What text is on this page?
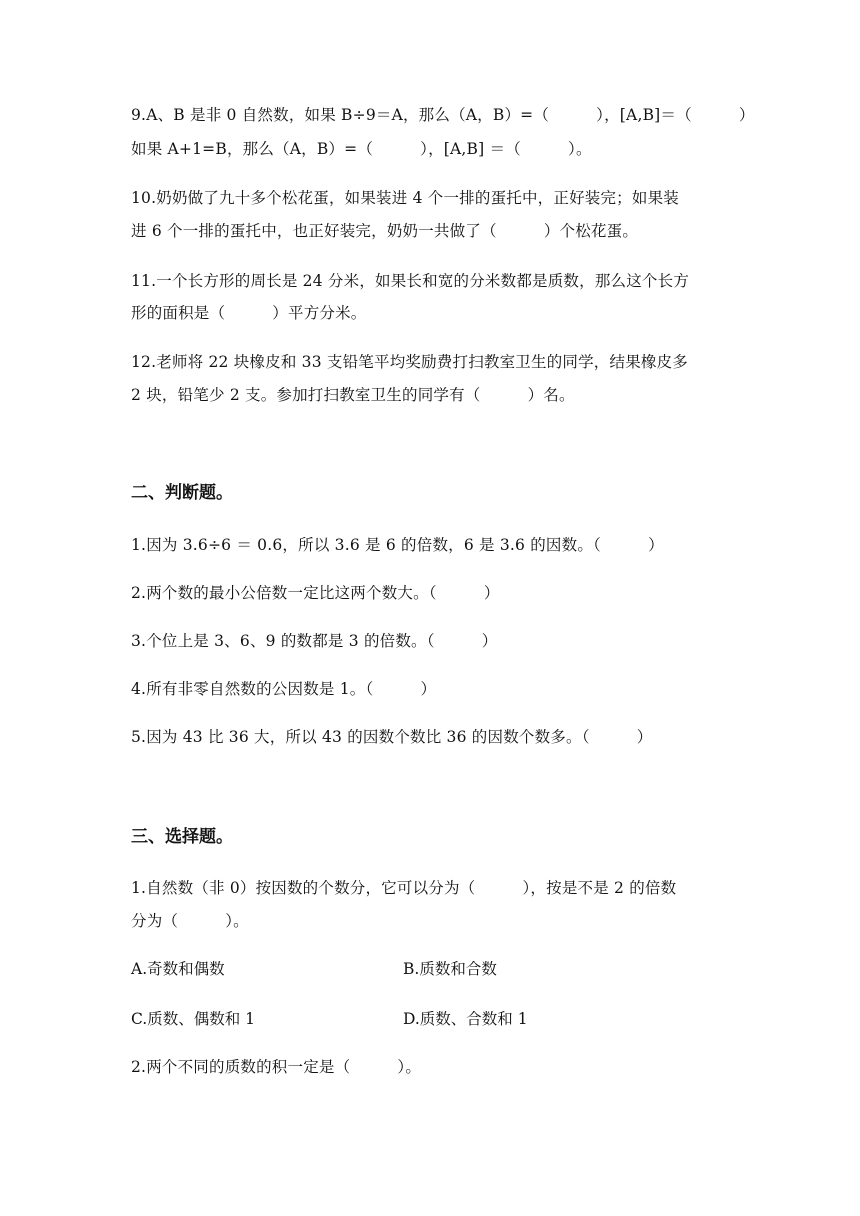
9.A、B 是非 0 自然数，如果 B÷9＝A，那么（A，B）=（　　　），[A,B]＝（　　　）
如果 A+1=B，那么（A，B）=（　　　），[A,B] ＝（　　　）。
10.奶奶做了九十多个松花蛋，如果装进 4 个一排的蛋托中，正好装完；如果装
进 6 个一排的蛋托中，也正好装完，奶奶一共做了（　　　）个松花蛋。
11.一个长方形的周长是 24 分米，如果长和宽的分米数都是质数，那么这个长方
形的面积是（　　　）平方分米。
12.老师将 22 块橡皮和 33 支铅笔平均奖励费打扫教室卫生的同学，结果橡皮多
2 块，铅笔少 2 支。参加打扫教室卫生的同学有（　　　）名。
二、判断题。
1.因为 3.6÷6 ＝ 0.6，所以 3.6 是 6 的倍数，6 是 3.6 的因数。（　　　）
2.两个数的最小公倍数一定比这两个数大。（　　　）
3.个位上是 3、6、9 的数都是 3 的倍数。（　　　）
4.所有非零自然数的公因数是 1。（　　　）
5.因为 43 比 36 大，所以 43 的因数个数比 36 的因数个数多。（　　　）
三、选择题。
1.自然数（非 0）按因数的个数分，它可以分为（　　　），按是不是 2 的倍数
分为（　　　）。
A.奇数和偶数	B.质数和合数
C.质数、偶数和 1	D.质数、合数和 1
2.两个不同的质数的积一定是（　　　）。
